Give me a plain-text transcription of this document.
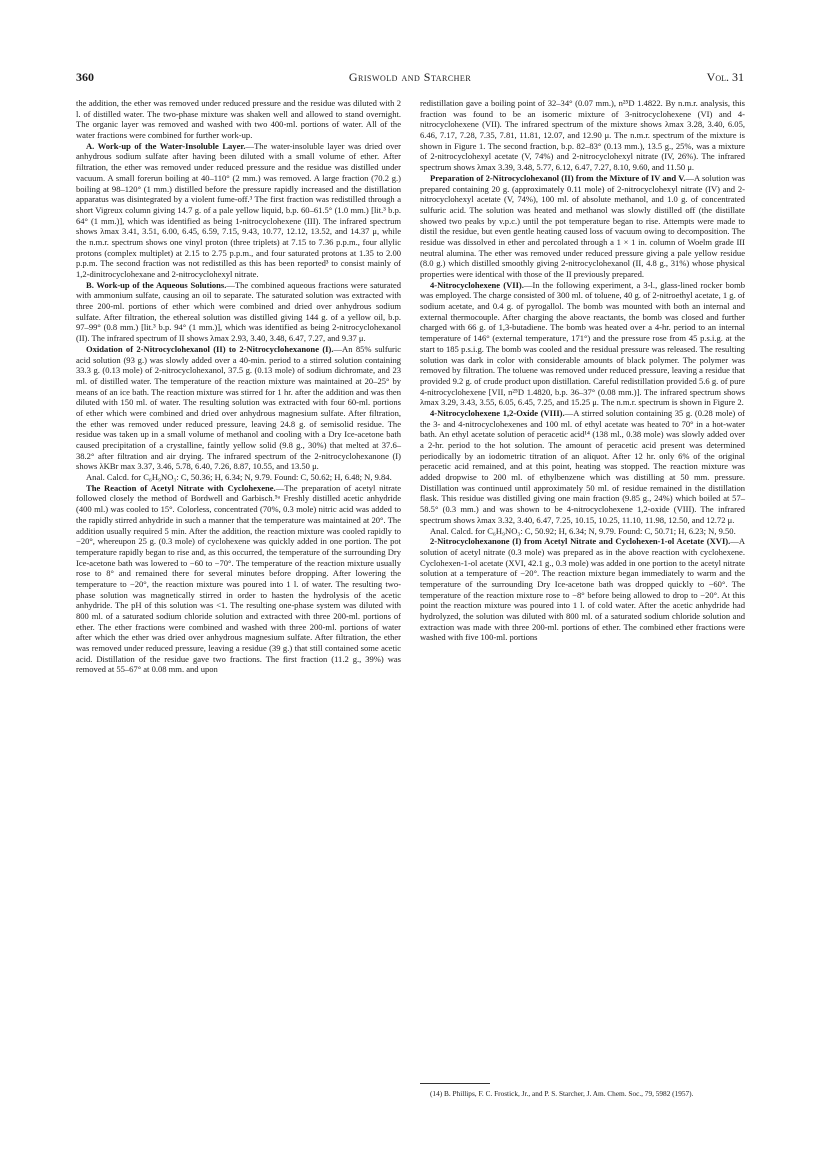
360	Griswold and Starcher	Vol. 31

the addition, the ether was removed under reduced pressure and the residue was diluted with 2 l. of distilled water. The two-phase mixture was shaken well and allowed to stand overnight. The organic layer was removed and washed with two 400-ml. portions of water. All of the water fractions were combined for further work-up.

A. Work-up of the Water-Insoluble Layer.—The water-insoluble layer was dried over anhydrous sodium sulfate after having been diluted with a small volume of ether. After filtration, the ether was removed under reduced pressure and the residue was distilled under vacuum. A small forerun boiling at 40–110° (2 mm.) was removed. A large fraction (70.2 g.) boiling at 98–120° (1 mm.) distilled before the pressure rapidly increased and the distillation apparatus was disintegrated by a violent fume-off.³ The first fraction was redistilled through a short Vigreux column giving 14.7 g. of a pale yellow liquid, b.p. 60–61.5° (1.0 mm.) [lit.³ b.p. 64° (1 mm.)], which was identified as being 1-nitrocyclohexene (III). The infrared spectrum shows λmax 3.41, 3.51, 6.00, 6.45, 6.59, 7.15, 9.43, 10.77, 12.12, 13.52, and 14.37 μ, while the n.m.r. spectrum shows one vinyl proton (three triplets) at 7.15 to 7.36 p.p.m., four allylic protons (complex multiplet) at 2.15 to 2.75 p.p.m., and four saturated protons at 1.35 to 2.00 p.p.m. The second fraction was not redistilled as this has been reported³ to consist mainly of 1,2-dinitrocyclohexane and 2-nitrocyclohexyl nitrate.

B. Work-up of the Aqueous Solutions.—The combined aqueous fractions were saturated with ammonium sulfate, causing an oil to separate. The saturated solution was extracted with three 200-ml. portions of ether which were combined and dried over anhydrous sodium sulfate. After filtration, the ethereal solution was distilled giving 144 g. of a yellow oil, b.p. 97–99° (0.8 mm.) [lit.³ b.p. 94° (1 mm.)], which was identified as being 2-nitrocyclohexanol (II). The infrared spectrum of II shows λmax 2.93, 3.40, 3.48, 6.47, 7.27, and 9.37 μ.

Oxidation of 2-Nitrocyclohexanol (II) to 2-Nitrocyclohexanone (I).—An 85% sulfuric acid solution (93 g.) was slowly added over a 40-min. period to a stirred solution containing 33.3 g. (0.13 mole) of 2-nitrocyclohexanol, 37.5 g. (0.13 mole) of sodium dichromate, and 23 ml. of distilled water. The temperature of the reaction mixture was maintained at 20–25° by means of an ice bath. The reaction mixture was stirred for 1 hr. after the addition and was then diluted with 150 ml. of water. The resulting solution was extracted with four 60-ml. portions of ether which were combined and dried over anhydrous magnesium sulfate. After filtration, the ether was removed under reduced pressure, leaving 24.8 g. of semisolid residue. The residue was taken up in a small volume of methanol and cooling with a Dry Ice-acetone bath caused precipitation of a crystalline, faintly yellow solid (9.8 g., 30%) that melted at 37.6–38.2° after filtration and air drying. The infrared spectrum of the 2-nitrocyclohexanone (I) shows λKBr max 3.37, 3.46, 5.78, 6.40, 7.26, 8.87, 10.55, and 13.50 μ.

Anal. Calcd. for C₆H₉NO₃: C, 50.36; H, 6.34; N, 9.79. Found: C, 50.62; H, 6.48; N, 9.84.

The Reaction of Acetyl Nitrate with Cyclohexene.—The preparation of acetyl nitrate followed closely the method of Bordwell and Garbisch.⁵ᵃ Freshly distilled acetic anhydride (400 ml.) was cooled to 15°. Colorless, concentrated (70%, 0.3 mole) nitric acid was added to the rapidly stirred anhydride in such a manner that the temperature was maintained at 20°. The addition usually required 5 min. After the addition, the reaction mixture was cooled rapidly to −20°, whereupon 25 g. (0.3 mole) of cyclohexene was quickly added in one portion. The pot temperature rapidly began to rise and, as this occurred, the temperature of the surrounding Dry Ice-acetone bath was lowered to −60 to −70°. The temperature of the reaction mixture usually rose to 8° and remained there for several minutes before dropping. After lowering the temperature to −20°, the reaction mixture was poured into 1 l. of water. The resulting two-phase solution was magnetically stirred in order to hasten the hydrolysis of the acetic anhydride. The pH of this solution was <1. The resulting one-phase system was diluted with 800 ml. of a saturated sodium chloride solution and extracted with three 200-ml. portions of ether. The ether fractions were combined and washed with three 200-ml. portions of water after which the ether was dried over anhydrous magnesium sulfate. After filtration, the ether was removed under reduced pressure, leaving a residue (39 g.) that still contained some acetic acid. Distillation of the residue gave two fractions. The first fraction (11.2 g., 39%) was removed at 55–67° at 0.08 mm. and upon

redistillation gave a boiling point of 32–34° (0.07 mm.), n²⁵D 1.4822. By n.m.r. analysis, this fraction was found to be an isomeric mixture of 3-nitrocyclohexene (VI) and 4-nitrocyclohexene (VII). The infrared spectrum of the mixture shows λmax 3.28, 3.40, 6.05, 6.46, 7.17, 7.28, 7.35, 7.81, 11.81, 12.07, and 12.90 μ. The n.m.r. spectrum of the mixture is shown in Figure 1. The second fraction, b.p. 82–83° (0.13 mm.), 13.5 g., 25%, was a mixture of 2-nitrocyclohexyl acetate (V, 74%) and 2-nitrocyclohexyl nitrate (IV, 26%). The infrared spectrum shows λmax 3.39, 3.48, 5.77, 6.12, 6.47, 7.27, 8.10, 9.60, and 11.50 μ.

Preparation of 2-Nitrocyclohexanol (II) from the Mixture of IV and V.—A solution was prepared containing 20 g. (approximately 0.11 mole) of 2-nitrocyclohexyl nitrate (IV) and 2-nitrocyclohexyl acetate (V, 74%), 100 ml. of absolute methanol, and 1.0 g. of concentrated sulfuric acid. The solution was heated and methanol was slowly distilled off (the distillate showed two peaks by v.p.c.) until the pot temperature began to rise. Attempts were made to distil the residue, but even gentle heating caused loss of vacuum owing to decomposition. The residue was dissolved in ether and percolated through a 1 × 1 in. column of Woelm grade III neutral alumina. The ether was removed under reduced pressure giving a pale yellow residue (8.0 g.) which distilled smoothly giving 2-nitrocyclohexanol (II, 4.8 g., 31%) whose physical properties were identical with those of the II previously prepared.

4-Nitrocyclohexene (VII).—In the following experiment, a 3-l., glass-lined rocker bomb was employed. The charge consisted of 300 ml. of toluene, 40 g. of 2-nitroethyl acetate, 1 g. of sodium acetate, and 0.4 g. of pyrogallol. The bomb was mounted with both an internal and external thermocouple. After charging the above reactants, the bomb was closed and further charged with 66 g. of 1,3-butadiene. The bomb was heated over a 4-hr. period to an internal temperature of 146° (external temperature, 171°) and the pressure rose from 45 p.s.i.g. at the start to 185 p.s.i.g. The bomb was cooled and the residual pressure was released. The resulting solution was dark in color with considerable amounts of black polymer. The polymer was removed by filtration. The toluene was removed under reduced pressure, leaving a residue that provided 9.2 g. of crude product upon distillation. Careful redistillation provided 5.6 g. of pure 4-nitrocyclohexene [VII, n²⁵D 1.4820, b.p. 36–37° (0.08 mm.)]. The infrared spectrum shows λmax 3.29, 3.43, 3.55, 6.05, 6.45, 7.25, and 15.25 μ. The n.m.r. spectrum is shown in Figure 2.

4-Nitrocyclohexene 1,2-Oxide (VIII).—A stirred solution containing 35 g. (0.28 mole) of the 3- and 4-nitrocyclohexenes and 100 ml. of ethyl acetate was heated to 70° in a hot-water bath. An ethyl acetate solution of peracetic acid¹⁴ (138 ml., 0.38 mole) was slowly added over a 2-hr. period to the hot solution. The amount of peracetic acid present was determined periodically by an iodometric titration of an aliquot. After 12 hr. only 6% of the original peracetic acid remained, and at this point, heating was stopped. The reaction mixture was added dropwise to 200 ml. of ethylbenzene which was distilling at 50 mm. pressure. Distillation was continued until approximately 50 ml. of residue remained in the distillation flask. This residue was distilled giving one main fraction (9.85 g., 24%) which boiled at 57–58.5° (0.3 mm.) and was shown to be 4-nitrocyclohexene 1,2-oxide (VIII). The infrared spectrum shows λmax 3.32, 3.40, 6.47, 7.25, 10.15, 10.25, 11.10, 11.98, 12.50, and 12.72 μ.

Anal. Calcd. for C₆H₉NO₃: C, 50.92; H, 6.34; N, 9.79. Found: C, 50.71; H, 6.23; N, 9.50.

2-Nitrocyclohexanone (I) from Acetyl Nitrate and Cyclohexen-1-ol Acetate (XVI).—A solution of acetyl nitrate (0.3 mole) was prepared as in the above reaction with cyclohexene. Cyclohexen-1-ol acetate (XVI, 42.1 g., 0.3 mole) was added in one portion to the acetyl nitrate solution at a temperature of −20°. The reaction mixture began immediately to warm and the temperature of the surrounding Dry Ice-acetone bath was dropped quickly to −60°. The temperature of the reaction mixture rose to −8° before being allowed to drop to −20°. At this point the reaction mixture was poured into 1 l. of cold water. After the acetic anhydride had hydrolyzed, the solution was diluted with 800 ml. of a saturated sodium chloride solution and extraction was made with three 200-ml. portions of ether. The combined ether fractions were washed with five 100-ml. portions

(14) B. Phillips, F. C. Frostick, Jr., and P. S. Starcher, J. Am. Chem. Soc., 79, 5982 (1957).
